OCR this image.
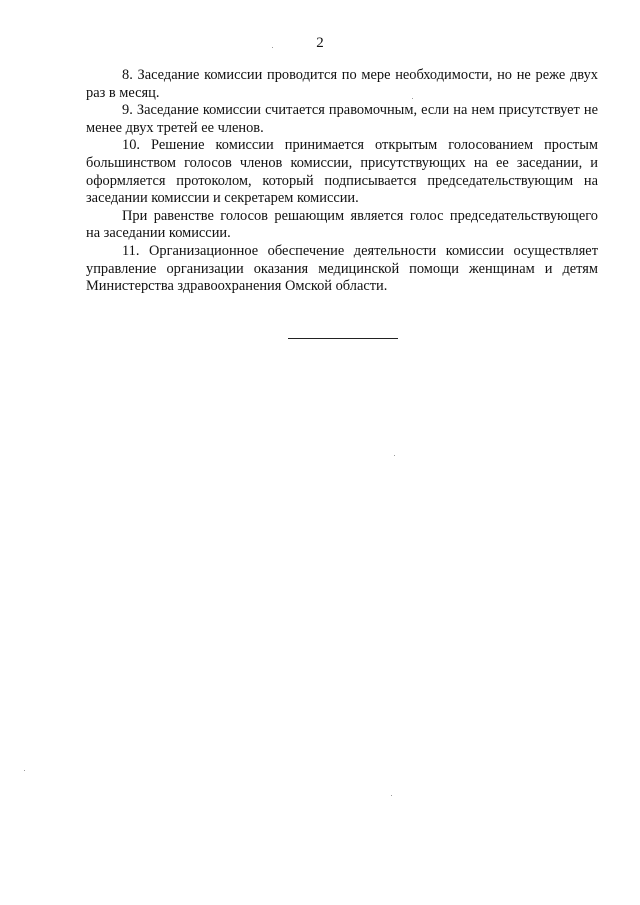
2

8. Заседание комиссии проводится по мере необходимости, но не реже двух раз в месяц.

9. Заседание комиссии считается правомочным, если на нем присутствует не менее двух третей ее членов.

10. Решение комиссии принимается открытым голосованием простым большинством голосов членов комиссии, присутствующих на ее заседании, и оформляется протоколом, который подписывается председательствующим на заседании комиссии и секретарем комиссии.

При равенстве голосов решающим является голос председательствующего на заседании комиссии.

11. Организационное обеспечение деятельности комиссии осуществляет управление организации оказания медицинской помощи женщинам и детям Министерства здравоохранения Омской области.
